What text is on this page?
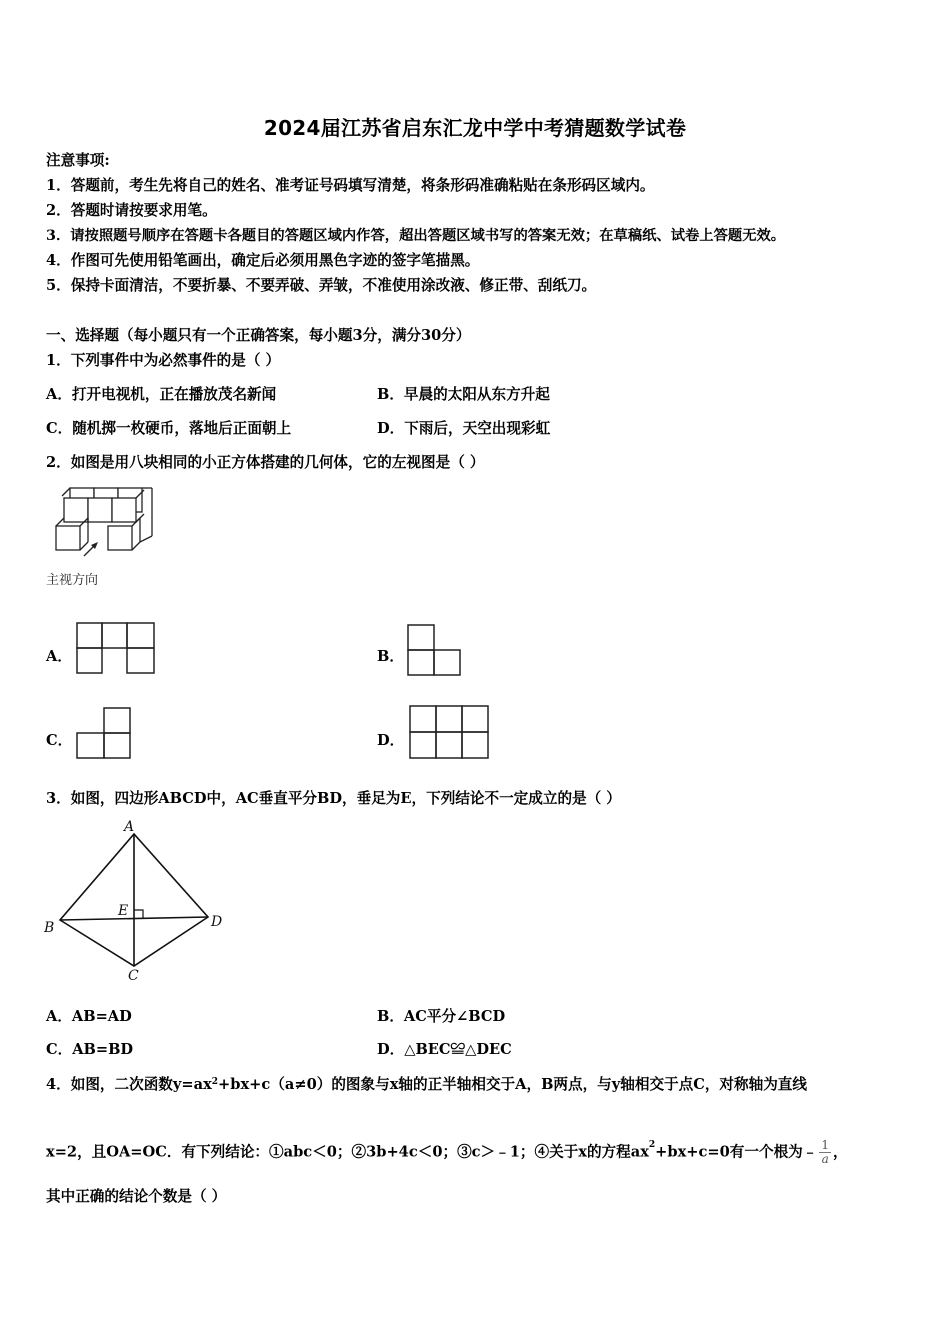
2024届江苏省启东汇龙中学中考猜题数学试卷
注意事项:
1．答题前，考生先将自己的姓名、准考证号码填写清楚，将条形码准确粘贴在条形码区域内。
2．答题时请按要求用笔。
3．请按照题号顺序在答题卡各题目的答题区域内作答，超出答题区域书写的答案无效；在草稿纸、试卷上答题无效。
4．作图可先使用铅笔画出，确定后必须用黑色字迹的签字笔描黑。
5．保持卡面清洁，不要折暴、不要弄破、弄皱，不准使用涂改液、修正带、刮纸刀。
一、选择题（每小题只有一个正确答案，每小题3分，满分30分）
1．下列事件中为必然事件的是（ ）
A．打开电视机，正在播放茂名新闻	B．早晨的太阳从东方升起
C．随机掷一枚硬币，落地后正面朝上	D．下雨后，天空出现彩虹
2．如图是用八块相同的小正方体搭建的几何体，它的左视图是（ ）
主视方向
A．	B．
C．	D．
3．如图，四边形ABCD中，AC垂直平分BD，垂足为E，下列结论不一定成立的是（ ）
A
B
C
D
E
A．AB=AD	B．AC平分∠BCD
C．AB=BD	D．△BEC≌△DEC
4．如图，二次函数$y=ax^2+bx+c(a\ne 0)$的图象与x轴的正半轴相交于A，B两点，与y轴相交于点C，对称轴为直线
x=2，且OA=OC．有下列结论：①abc＜0；②3b+4c＜0；③c＞﹣1；④关于x的方程$ax^2+bx+c=0$有一个根为﹣ $\frac{1}{a}$ ，
其中正确的结论个数是（ ）
